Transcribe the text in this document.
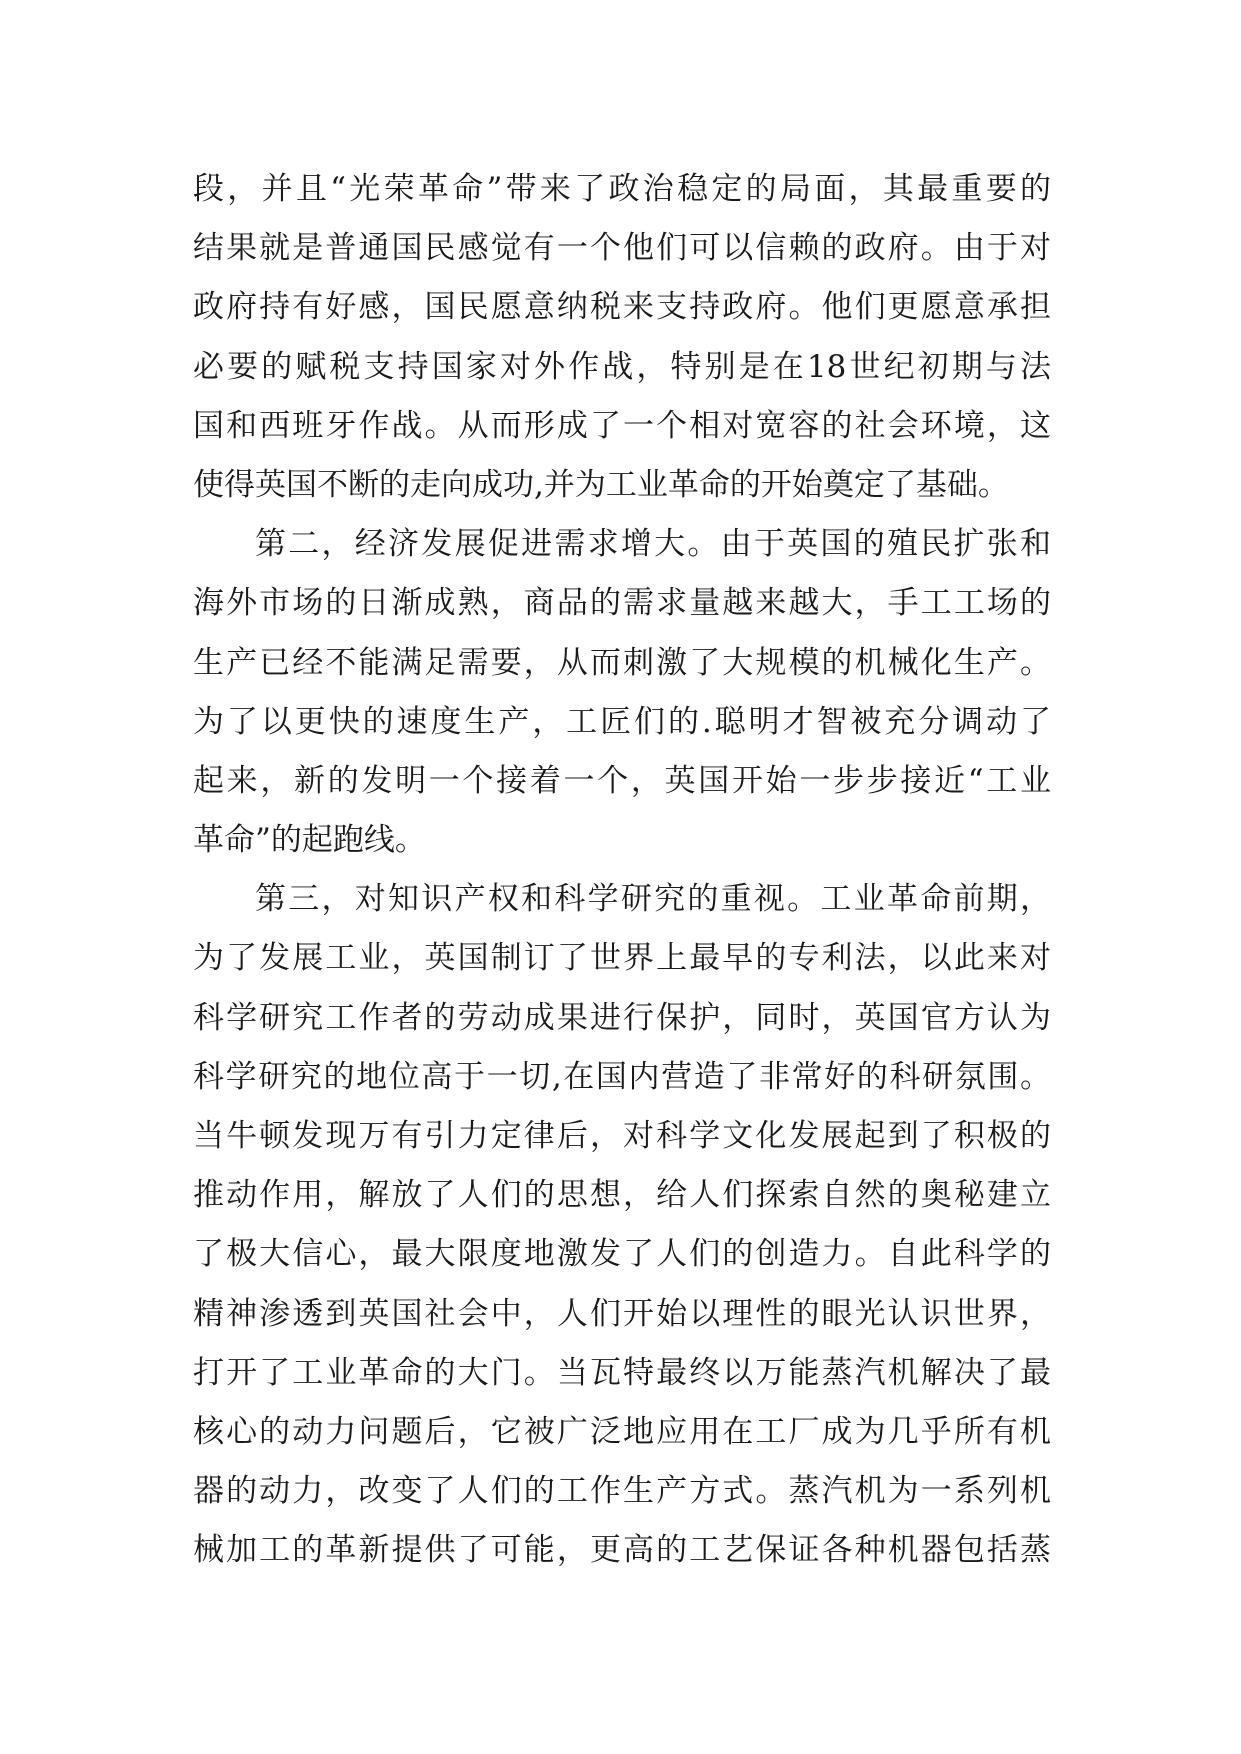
段，并且“光荣革命”带来了政治稳定的局面，其最重要的
结果就是普通国民感觉有一个他们可以信赖的政府。由于对
政府持有好感，国民愿意纳税来支持政府。他们更愿意承担
必要的赋税支持国家对外作战，特别是在18世纪初期与法
国和西班牙作战。从而形成了一个相对宽容的社会环境，这
使得英国不断的走向成功,并为工业革命的开始奠定了基础。
第二，经济发展促进需求增大。由于英国的殖民扩张和
海外市场的日渐成熟，商品的需求量越来越大，手工工场的
生产已经不能满足需要，从而刺激了大规模的机械化生产。
为了以更快的速度生产，工匠们的.聪明才智被充分调动了
起来，新的发明一个接着一个，英国开始一步步接近“工业
革命”的起跑线。
第三，对知识产权和科学研究的重视。工业革命前期，
为了发展工业，英国制订了世界上最早的专利法，以此来对
科学研究工作者的劳动成果进行保护，同时，英国官方认为
科学研究的地位高于一切,在国内营造了非常好的科研氛围。
当牛顿发现万有引力定律后，对科学文化发展起到了积极的
推动作用，解放了人们的思想，给人们探索自然的奥秘建立
了极大信心，最大限度地激发了人们的创造力。自此科学的
精神渗透到英国社会中，人们开始以理性的眼光认识世界，
打开了工业革命的大门。当瓦特最终以万能蒸汽机解决了最
核心的动力问题后，它被广泛地应用在工厂成为几乎所有机
器的动力，改变了人们的工作生产方式。蒸汽机为一系列机
械加工的革新提供了可能，更高的工艺保证各种机器包括蒸
